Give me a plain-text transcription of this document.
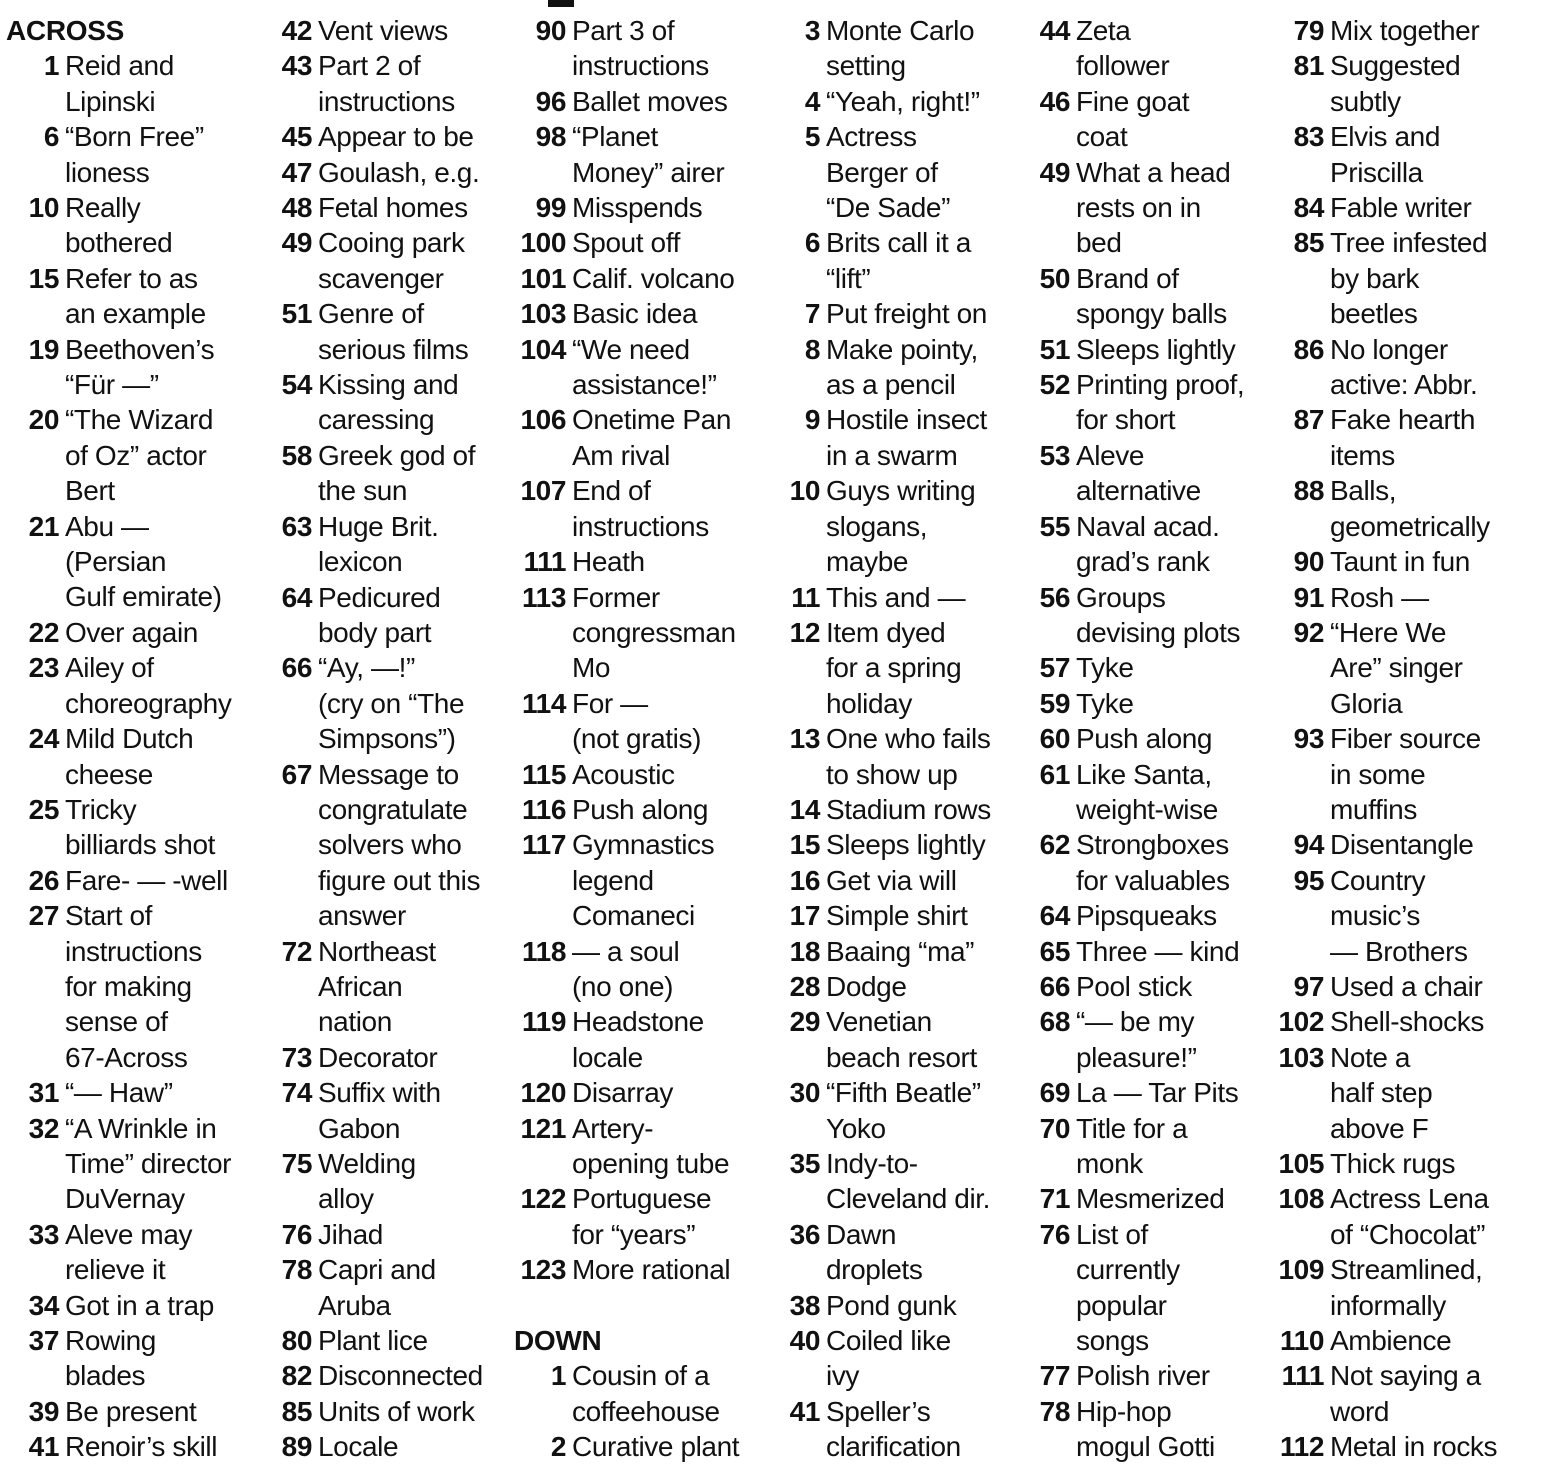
ACROSS
1 Reid and
Lipinski
6 “Born Free”
lioness
10 Really
bothered
15 Refer to as
an example
19 Beethoven’s
“Für —”
20 “The Wizard
of Oz” actor
Bert
21 Abu —
(Persian
Gulf emirate)
22 Over again
23 Ailey of
choreography
24 Mild Dutch
cheese
25 Tricky
billiards shot
26 Fare- — -well
27 Start of
instructions
for making
sense of
67-Across
31 “— Haw”
32 “A Wrinkle in
Time” director
DuVernay
33 Aleve may
relieve it
34 Got in a trap
37 Rowing
blades
39 Be present
41 Renoir’s skill
42 Vent views
43 Part 2 of
instructions
45 Appear to be
47 Goulash, e.g.
48 Fetal homes
49 Cooing park
scavenger
51 Genre of
serious films
54 Kissing and
caressing
58 Greek god of
the sun
63 Huge Brit.
lexicon
64 Pedicured
body part
66 “Ay, —!”
(cry on “The
Simpsons”)
67 Message to
congratulate
solvers who
figure out this
answer
72 Northeast
African
nation
73 Decorator
74 Suffix with
Gabon
75 Welding
alloy
76 Jihad
78 Capri and
Aruba
80 Plant lice
82 Disconnected
85 Units of work
89 Locale
90 Part 3 of
instructions
96 Ballet moves
98 “Planet
Money” airer
99 Misspends
100 Spout off
101 Calif. volcano
103 Basic idea
104 “We need
assistance!”
106 Onetime Pan
Am rival
107 End of
instructions
111 Heath
113 Former
congressman
Mo
114 For —
(not gratis)
115 Acoustic
116 Push along
117 Gymnastics
legend
Comaneci
118 — a soul
(no one)
119 Headstone
locale
120 Disarray
121 Artery-
opening tube
122 Portuguese
for “years”
123 More rational
DOWN
1 Cousin of a
coffeehouse
2 Curative plant
3 Monte Carlo
setting
4 “Yeah, right!”
5 Actress
Berger of
“De Sade”
6 Brits call it a
“lift”
7 Put freight on
8 Make pointy,
as a pencil
9 Hostile insect
in a swarm
10 Guys writing
slogans,
maybe
11 This and —
12 Item dyed
for a spring
holiday
13 One who fails
to show up
14 Stadium rows
15 Sleeps lightly
16 Get via will
17 Simple shirt
18 Baaing “ma”
28 Dodge
29 Venetian
beach resort
30 “Fifth Beatle”
Yoko
35 Indy-to-
Cleveland dir.
36 Dawn
droplets
38 Pond gunk
40 Coiled like
ivy
41 Speller’s
clarification
44 Zeta
follower
46 Fine goat
coat
49 What a head
rests on in
bed
50 Brand of
spongy balls
51 Sleeps lightly
52 Printing proof,
for short
53 Aleve
alternative
55 Naval acad.
grad’s rank
56 Groups
devising plots
57 Tyke
59 Tyke
60 Push along
61 Like Santa,
weight-wise
62 Strongboxes
for valuables
64 Pipsqueaks
65 Three — kind
66 Pool stick
68 “— be my
pleasure!”
69 La — Tar Pits
70 Title for a
monk
71 Mesmerized
76 List of
currently
popular
songs
77 Polish river
78 Hip-hop
mogul Gotti
79 Mix together
81 Suggested
subtly
83 Elvis and
Priscilla
84 Fable writer
85 Tree infested
by bark
beetles
86 No longer
active: Abbr.
87 Fake hearth
items
88 Balls,
geometrically
90 Taunt in fun
91 Rosh —
92 “Here We
Are” singer
Gloria
93 Fiber source
in some
muffins
94 Disentangle
95 Country
music’s
— Brothers
97 Used a chair
102 Shell-shocks
103 Note a
half step
above F
105 Thick rugs
108 Actress Lena
of “Chocolat”
109 Streamlined,
informally
110 Ambience
111 Not saying a
word
112 Metal in rocks
